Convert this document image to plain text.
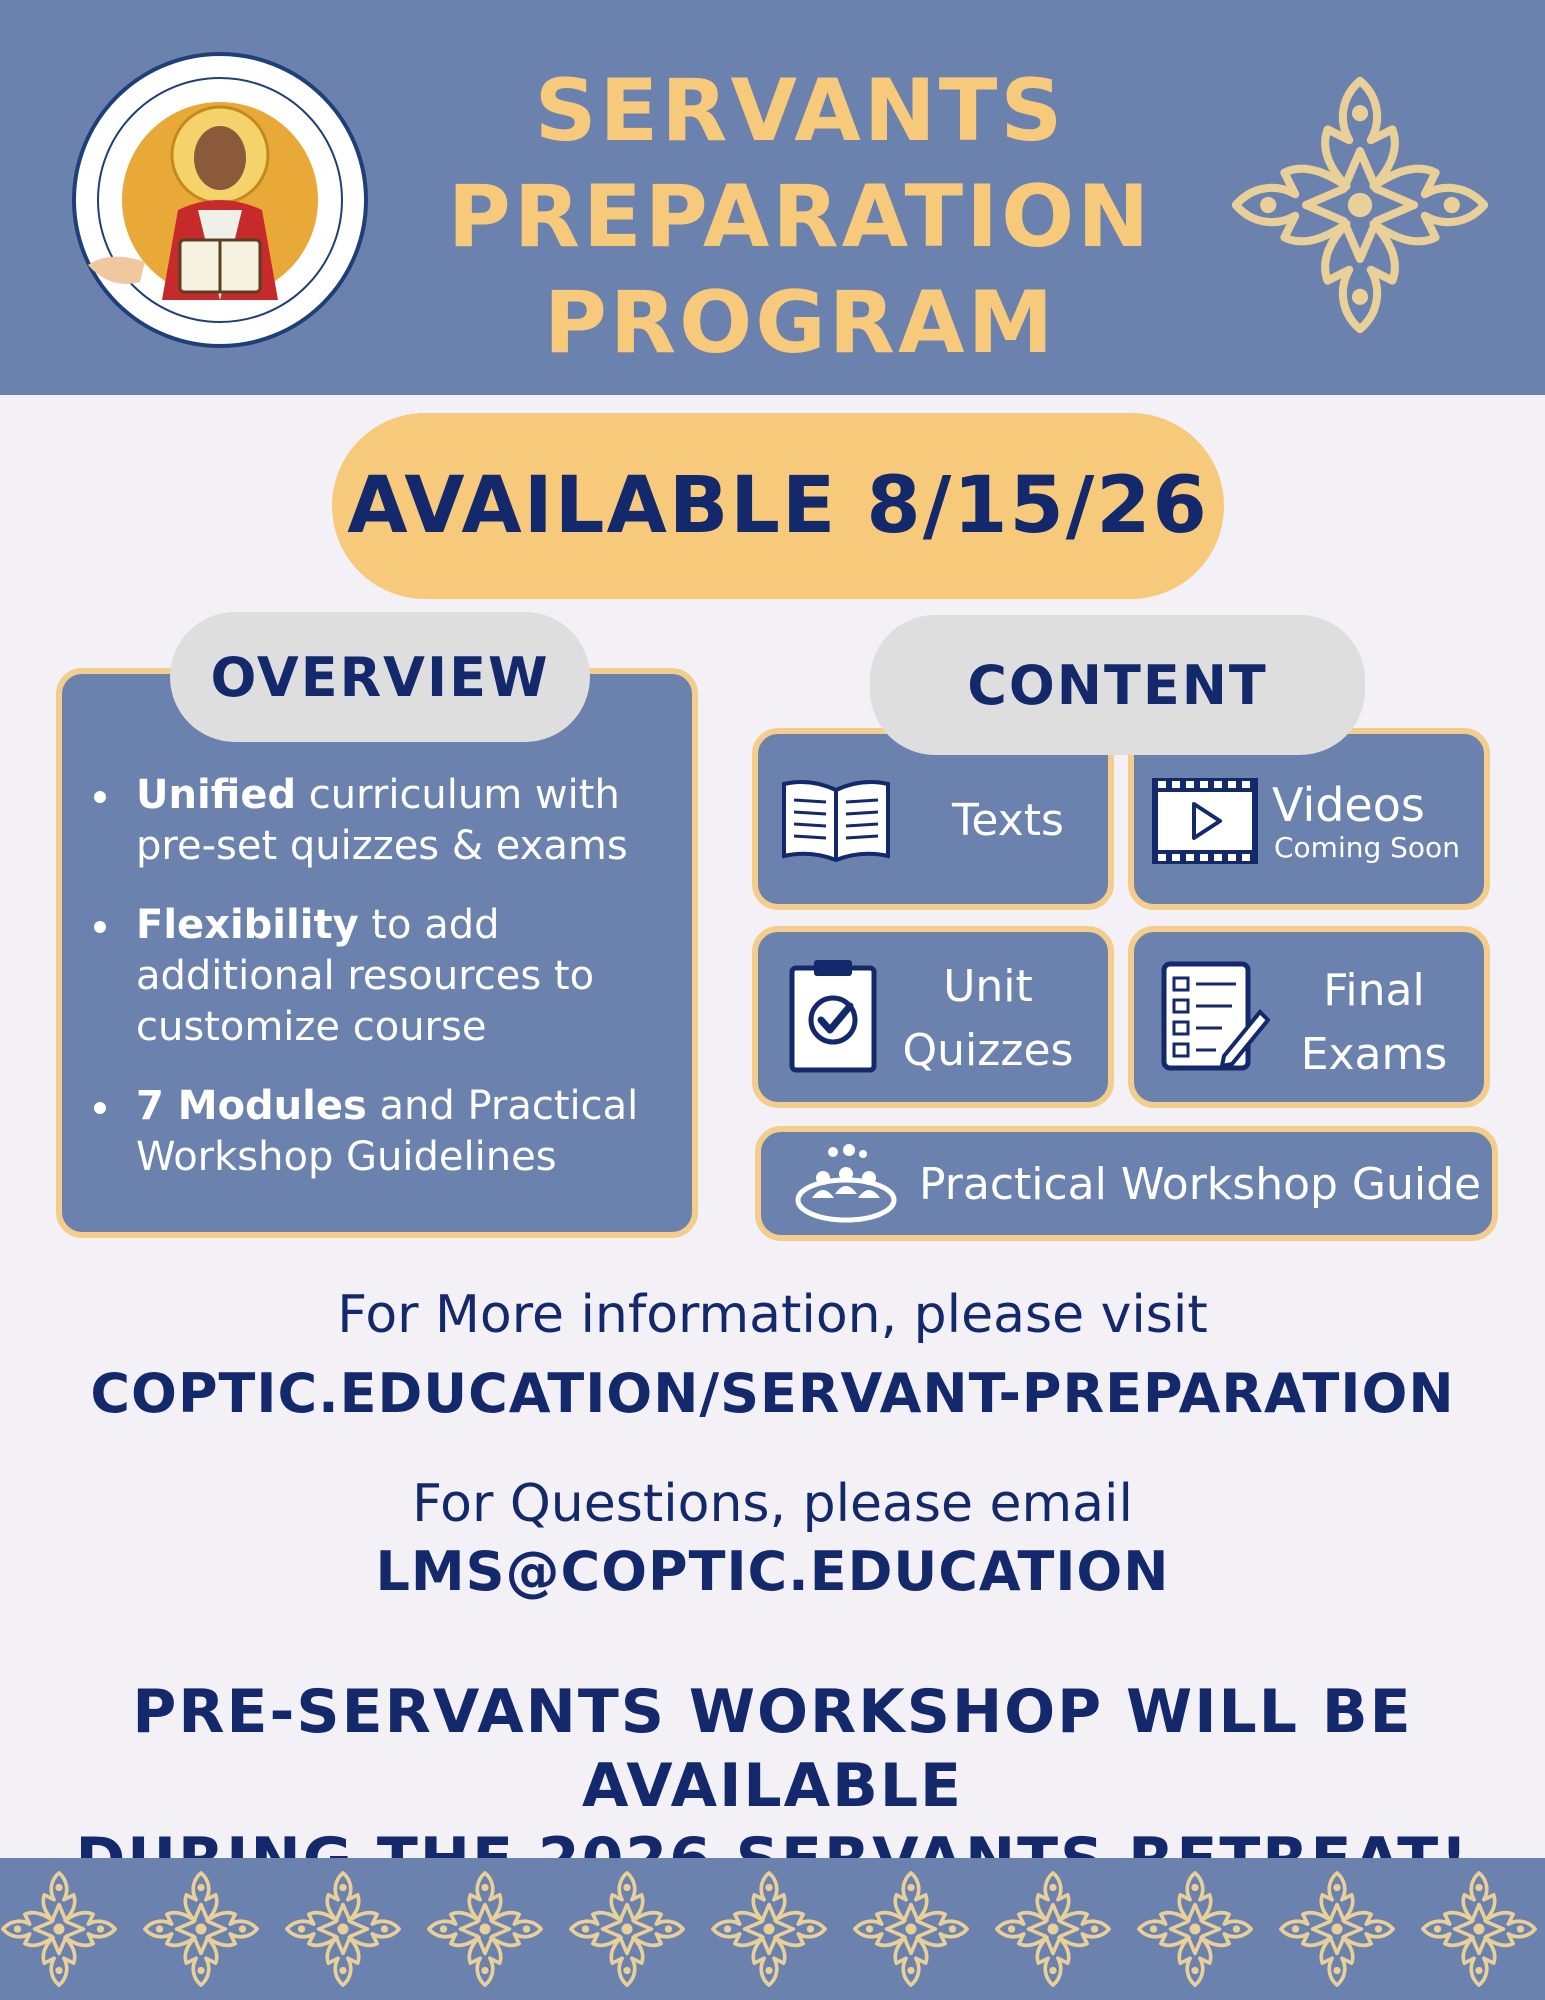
SERVANTS
PREPARATION
PROGRAM
AVAILABLE 8/15/26
OVERVIEW
Unified curriculum with pre-set quizzes & exams
Flexibility to add additional resources to customize course
7 Modules and Practical Workshop Guidelines
Texts	Videos
Coming Soon
Unit
Quizzes
Final
Exams
Practical Workshop Guide
CONTENT
For More information, please visit
COPTIC.EDUCATION/SERVANT-PREPARATION
For Questions, please email
LMS@COPTIC.EDUCATION
PRE-SERVANTS WORKSHOP WILL BE AVAILABLE
